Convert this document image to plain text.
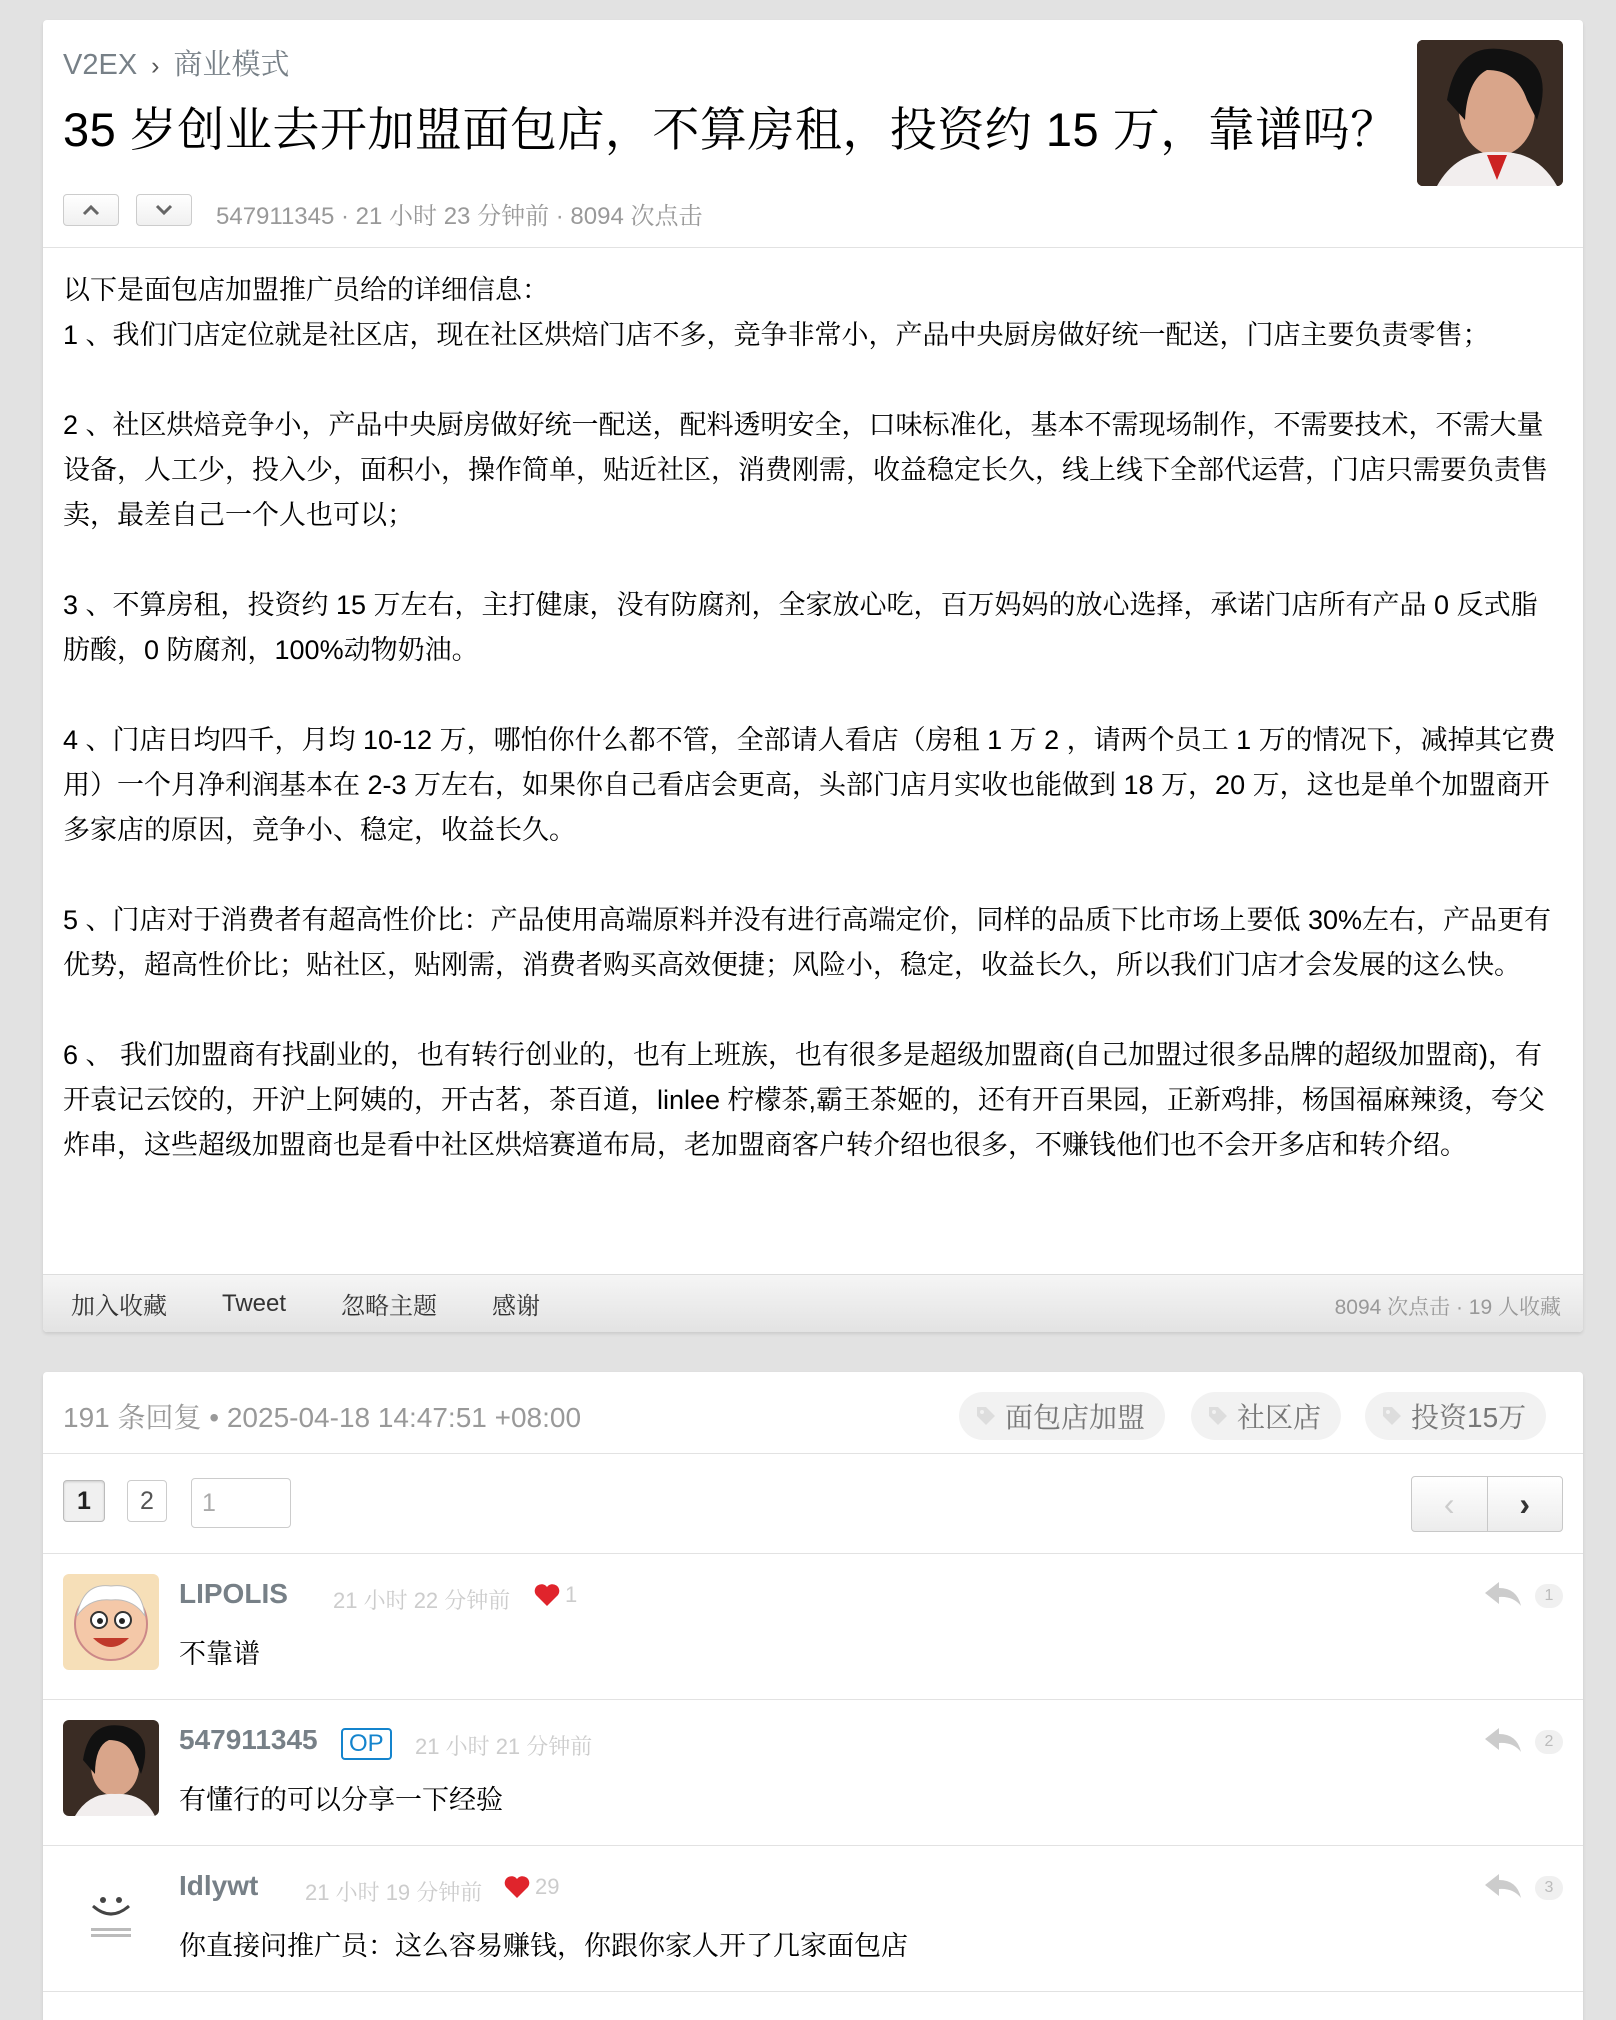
V2EX › 商业模式
35 岁创业去开加盟面包店，不算房租，投资约 15 万，靠谱吗？
547911345 · 21 小时 23 分钟前 · 8094 次点击

以下是面包店加盟推广员给的详细信息：

1 、我们门店定位就是社区店，现在社区烘焙门店不多，竞争非常小，产品中央厨房做好统一配送，门店主要负责零售；

2 、社区烘焙竞争小，产品中央厨房做好统一配送，配料透明安全，口味标准化，基本不需现场制作，不需要技术，不需大量设备，人工少，投入少，面积小，操作简单，贴近社区，消费刚需，收益稳定长久，线上线下全部代运营，门店只需要负责售卖，最差自己一个人也可以；

3 、不算房租，投资约 15 万左右，主打健康，没有防腐剂，全家放心吃，百万妈妈的放心选择，承诺门店所有产品 0 反式脂肪酸，0 防腐剂，100%动物奶油。

4 、门店日均四千，月均 10-12 万，哪怕你什么都不管，全部请人看店（房租 1 万 2 ，请两个员工 1 万的情况下，减掉其它费用）一个月净利润基本在 2-3 万左右，如果你自己看店会更高，头部门店月实收也能做到 18 万，20 万，这也是单个加盟商开多家店的原因，竞争小、稳定，收益长久。

5 、门店对于消费者有超高性价比：产品使用高端原料并没有进行高端定价，同样的品质下比市场上要低 30%左右，产品更有优势，超高性价比；贴社区，贴刚需，消费者购买高效便捷；风险小，稳定，收益长久，所以我们门店才会发展的这么快。

6 、 我们加盟商有找副业的，也有转行创业的，也有上班族，也有很多是超级加盟商(自己加盟过很多品牌的超级加盟商)，有开袁记云饺的，开沪上阿姨的，开古茗，茶百道，linlee 柠檬茶,霸王茶姬的，还有开百果园，正新鸡排，杨国福麻辣烫，夸父炸串，这些超级加盟商也是看中社区烘焙赛道布局，老加盟商客户转介绍也很多，不赚钱他们也不会开多店和转介绍。

加入收藏 Tweet 忽略主题 感谢	8094 次点击 · 19 人收藏
191 条回复 • 2025-04-18 14:47:51 +08:00	面包店加盟	社区店	投资15万
1	2
1	‹	›
LIPOLIS 21 小时 22 分钟前 1
不靠谱
1
547911345	OP	21 小时 21 分钟前
有懂行的可以分享一下经验
2
Idlywt 21 小时 19 分钟前 29
你直接问推广员：这么容易赚钱，你跟你家人开了几家面包店
3
